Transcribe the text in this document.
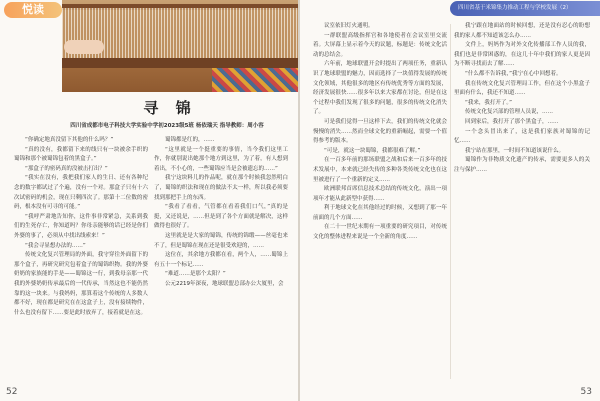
悦读
寻 锦
四川省成都市电子科技大学实验中学初2023级5班 杨依瑞天 指导教师：周小容

“你确定地真没留下其他的什么吗？”

“真的没有，我都留下来的线只有一块被余手织的蜀锦和那个被蜀锦包着的黑盒子。”

“那盒子的密码真的没被击打出？”

“我实在没有，我把我们家人的生日、还有各种纪念的数字都试过了个遍，没有一个对。那盒子只有十六次试密码的机会，现在只剩四次了。那第十二位数的密码，根本没有可寻的可能。”

“我呼严肃地告知你，这件事非常紧急，关系到我们的生死存亡，你知道吗？你母亲能够的话已经是你们外婆的事了，必须从中找出线索来！”

“我会寻显想办法的……”

传统文化复兴管理局的外面，我守穿往外面留下的那个盒子，再研究研究包着盒子的蜀锦织物。我的外婆奶奶的家族能的手是——蜀锦这一行，到我母亲那一代我的外婆奶奶传承最后的一代传承，当然这也不能仍然靠的这一块来。与我妈妈，那算着这个传统的人多数人都不好，现在都是研究在在这盒子上，没有接续物件，什么也没有留下……要是此时放弃了，接着就是在这。

蜀锦都是红的，……

“这里就是一个挺重要的事情，当今我们这里工作，你就别说出她那个地方到这里，为了着，有人想到着出，不小心的，一些蜀锦应当是会被遗忘的……”

我宁这块料儿的作品呢，就在那个时候我忽然明白了，蜀锦的织法和现在的做法不太一样，所以我必须要找到那把手上的东西。

“我看了看看，气管都在看着我们口气，”真的是挺，又还说是，……但是到了各个方面就是解决，这样做得也很好了。

这里就是是大家的蜀锦，传统的锦缎——丝毫也来不了，但是蜀锦在现在还是很受欢迎的，……

这位在，其余地方我都在看，两个人，……蜀锦上有五十一个标记……

“难道……是那个太阳？”

公元2219年深夜，地球联盟总部办公大厦里，会

52
四川省基于米锦集力推动工程与学校发展（2）

议室依旧灯火通明。

一群联盟高级指挥官和各地使者在会议室里交流着。大屏幕上显示着今天的议题，标题是：传统文化活动的总结会。

六年前，地球联盟开会时提出了两项任务，重新认识了地球联盟的魅力，因而选择了一块值得发展的传统文化领域，其他很多的地区有传统优秀等方面的发展，经济发展很快……很多年以来大家都在讨论，但是在这个过程中我们发现了很多的问题，很多的传统文化消失了。

可是我们觉得一旦这样下去，我们的传统文化就会慢慢的消失……然而全球文化的重新崛起，需要一个值得参考的版本。

“可是，就这一块蜀锦，我都很难了解。”

在一百多年前的那场联盟之战和后来一百多年的技术发展中，本来就已经失传的多种各类传统文化也在这里被进行了一个重新的定义……

欧洲联邦首席信息技术总结的传统文化，演出一项项年才能从此新型中获得……

利于地球文化在其他经过的时候，又想到了那一年前面的几个方面……

在二十一世纪末期有一项重要的研究项目，对传统文化的整体进程来说是一个全新的角度……

我宁跟在地面站的时候回想，还是没有忍心的盼想我的家人都不知道该怎么办……

文件上，妈妈作为对外文化传播部工作人员的我，我们也是非常困惑的，在这几十年中我们的家人更是因为不断寻找而去了解……

“什么都不告诉我，”我宁在心中回想着。

我在传统文化复兴管理局工作，但在这个小黑盒子里面有什么，我还不知道……

“我来，我打开了。”

传统文化复兴部的管理人员说，……

回到家后，我打开了那个黑盒子，……

一个念头冒出来了，这是我们家族对蜀锦的记忆……

我宁站在那里，一时间不知道该说什么。

蜀锦作为非物质文化遗产的传承，需要更多人的关注与保护……

53
